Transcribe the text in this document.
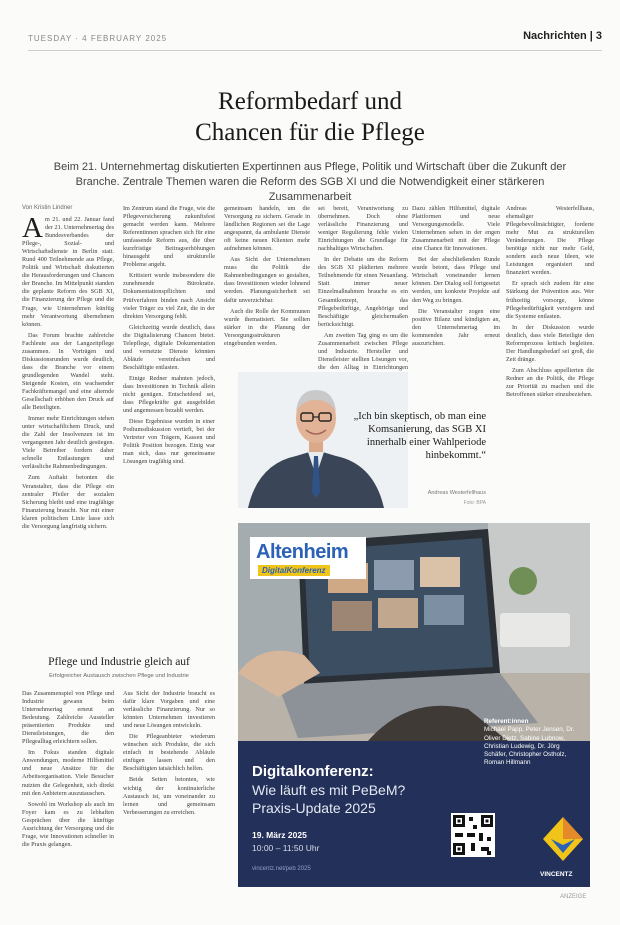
TUESDAY · 4 FEBRUARY 2025	Nachrichten | 3
Reformbedarf und
Chancen für die Pflege
Beim 21. Unternehmertag diskutierten Expertinnen aus Pflege, Politik und Wirtschaft über die Zukunft der Branche. Zentrale Themen waren die Reform des SGB XI und die Notwendigkeit einer stärkeren Zusammenarbeit
Von Kristin Lindner

Am 21. und 22. Januar fand der 21. Unternehmertag des Bundesverbandes der Pflege-, Sozial- und Wirtschaftsdienste in Berlin statt. Rund 400 Teilnehmende aus Pflege, Politik und Wirtschaft diskutierten die Herausforderungen und Chancen der Branche. Im Mittelpunkt standen die geplante Reform des SGB XI, die Finanzierung der Pflege und die Frage, wie Unternehmen künftig mehr Verantwortung übernehmen können.

Das Forum brachte zahlreiche Fachleute aus der Langzeitpflege zusammen. In Vorträgen und Diskussionsrunden wurde deutlich, dass die Branche vor einem grundlegenden Wandel steht. Steigende Kosten, ein wachsender Fachkräftemangel und eine alternde Gesellschaft erhöhen den Druck auf alle Beteiligten.

Immer mehr Einrichtungen stehen unter wirtschaftlichem Druck, und die Zahl der Insolvenzen ist im vergangenen Jahr deutlich gestiegen. Viele Betreiber fordern daher schnelle Entlastungen und verlässliche Rahmenbedingungen.

Zum Auftakt betonten die Veranstalter, dass die Pflege ein zentraler Pfeiler der sozialen Sicherung bleibt und eine tragfähige Finanzierung braucht. Nur mit einer klaren politischen Linie lasse sich die Versorgung langfristig sichern.

Im Zentrum stand die Frage, wie die Pflegeversicherung zukunftsfest gemacht werden kann. Mehrere Referentinnen sprachen sich für eine umfassende Reform aus, die über kurzfristige Beitragserhöhungen hinausgeht und strukturelle Probleme angeht.

Kritisiert wurde insbesondere die zunehmende Bürokratie. Dokumentationspflichten und Prüfverfahren binden nach Ansicht vieler Träger zu viel Zeit, die in der direkten Versorgung fehlt.

Gleichzeitig wurde deutlich, dass die Digitalisierung Chancen bietet. Telepflege, digitale Dokumentation und vernetzte Dienste könnten Abläufe vereinfachen und Beschäftigte entlasten.

Einige Redner mahnten jedoch, dass Investitionen in Technik allein nicht genügen. Entscheidend sei, dass Pflegekräfte gut ausgebildet und angemessen bezahlt werden.

Diese Ergebnisse wurden in einer Podiumsdiskussion vertieft, bei der Vertreter von Trägern, Kassen und Politik Position bezogen. Einig war man sich, dass nur gemeinsame Lösungen tragfähig sind.

gemeinsam handeln, um die Versorgung zu sichern. Gerade in ländlichen Regionen sei die Lage angespannt, da ambulante Dienste oft keine neuen Klienten mehr aufnehmen können.

Aus Sicht der Unternehmen muss die Politik die Rahmenbedingungen so gestalten, dass Investitionen wieder lohnend werden. Planungssicherheit sei dafür unverzichtbar.

Auch die Rolle der Kommunen wurde thematisiert. Sie sollten stärker in die Planung der Versorgungsstrukturen eingebunden werden.

sei bereit, Verantwortung zu übernehmen. Doch ohne verlässliche Finanzierung und weniger Regulierung fehle vielen Einrichtungen die Grundlage für nachhaltiges Wirtschaften.

In der Debatte um die Reform des SGB XI plädierten mehrere Teilnehmende für einen Neuanfang. Statt immer neuer Einzelmaßnahmen brauche es ein Gesamtkonzept, das Pflegebedürftige, Angehörige und Beschäftigte gleichermaßen berücksichtigt.

Am zweiten Tag ging es um die Zusammenarbeit zwischen Pflege und Industrie. Hersteller und Dienstleister stellten Lösungen vor, die den Alltag in Einrichtungen

Dazu zählen Hilfsmittel, digitale Plattformen und neue Versorgungsmodelle. Viele Unternehmen sehen in der engen Zusammenarbeit mit der Pflege eine Chance für Innovationen.

Bei der abschließenden Runde wurde betont, dass Pflege und Wirtschaft voneinander lernen können. Der Dialog soll fortgesetzt werden, um konkrete Projekte auf den Weg zu bringen.

Die Veranstalter zogen eine positive Bilanz und kündigten an, den Unternehmertag im kommenden Jahr erneut auszurichten.

Andreas Westerfellhaus, ehemaliger Pflegebevollmächtigter, forderte mehr Mut zu strukturellen Veränderungen. Die Pflege benötige nicht nur mehr Geld, sondern auch neue Ideen, wie Leistungen organisiert und finanziert werden.

Er sprach sich zudem für eine Stärkung der Prävention aus. Wer frühzeitig vorsorge, könne Pflegebedürftigkeit verzögern und die Systeme entlasten.

In der Diskussion wurde deutlich, dass viele Beteiligte den Reformprozess kritisch begleiten. Der Handlungsbedarf sei groß, die Zeit dränge.

Zum Abschluss appellierten die Redner an die Politik, die Pflege zur Priorität zu machen und die Betroffenen stärker einzubeziehen.

„Ich bin skeptisch, ob man eine Komsanierung, das SGB XI innerhalb einer Wahlperiode hinbekommt.“
Andreas Westerfellhaus
Foto: BPA
Pflege und Industrie gleich auf
Erfolgreicher Austausch zwischen Pflege und Industrie

Das Zusammenspiel von Pflege und Industrie gewann beim Unternehmertag erneut an Bedeutung. Zahlreiche Aussteller präsentierten Produkte und Dienstleistungen, die den Pflegealltag erleichtern sollen.

Im Fokus standen digitale Anwendungen, moderne Hilfsmittel und neue Ansätze für die Arbeitsorganisation. Viele Besucher nutzten die Gelegenheit, sich direkt mit den Anbietern auszutauschen.

Sowohl im Workshop als auch im Foyer kam es zu lebhaften Gesprächen über die künftige Ausrichtung der Versorgung und die Frage, wie Innovationen schneller in die Praxis gelangen.

Aus Sicht der Industrie braucht es dafür klare Vorgaben und eine verlässliche Finanzierung. Nur so könnten Unternehmen investieren und neue Lösungen entwickeln.

Die Pflegeanbieter wiederum wünschen sich Produkte, die sich einfach in bestehende Abläufe einfügen lassen und den Beschäftigten tatsächlich helfen.

Beide Seiten betonten, wie wichtig der kontinuierliche Austausch ist, um voneinander zu lernen und gemeinsam Verbesserungen zu erreichen.

Altenheim
DigitalKonferenz
Referent:innen
Michael Papp, Peter Jensen, Dr. Oliver Dietz, Sabine Lubnow, Christian Ludewig, Dr. Jörg Schäfer, Christopher Ostholz, Roman Hillmann
Digitalkonferenz:
Wie läuft es mit PeBeM?
Praxis-Update 2025
19. März 2025
10:00 – 11:50 Uhr
vincentz.net/peb 2025
VINCENTZ
ANZEIGE
